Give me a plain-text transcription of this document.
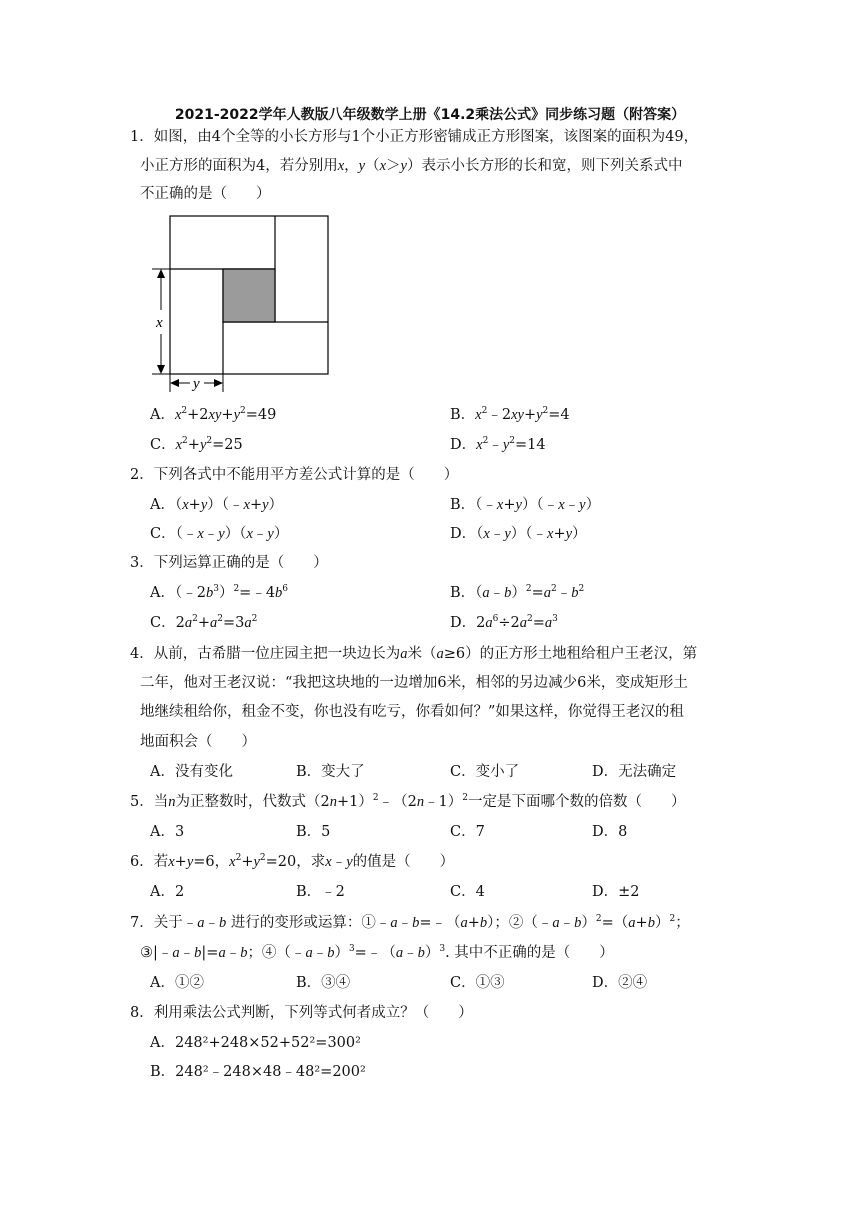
2021-2022学年人教版八年级数学上册《14.2乘法公式》同步练习题（附答案）
1．如图，由4个全等的小长方形与1个小正方形密铺成正方形图案，该图案的面积为49，
小正方形的面积为4，若分别用x，y（x＞y）表示小长方形的长和宽，则下列关系式中
不正确的是（　　）
x
y
A．$x^2+2xy+y^2=49$	B．$x^2﹣2xy+y^2=4$
C．$x^2+y^2=25$	D．$x^2﹣y^2=14$
2．下列各式中不能用平方差公式计算的是（　　）
A．（x+y）（﹣x+y）	B．（﹣x+y）（﹣x﹣y）
C．（﹣x﹣y）（x﹣y）	D．（x﹣y）（﹣x+y）
3．下列运算正确的是（　　）
A．$(﹣2b^3)^2=﹣4b^6$	B．$(a﹣b)^2=a^2﹣b^2$
C．$2a^2+a^2=3a^2$	D．$2a^6\div 2a^2=a^3$
4．从前，古希腊一位庄园主把一块边长为a米（a≥6）的正方形土地租给租户王老汉，第
二年，他对王老汉说：“我把这块地的一边增加6米，相邻的另边减少6米，变成矩形土
地继续租给你，租金不变，你也没有吃亏，你看如何？”如果这样，你觉得王老汉的租
地面积会（　　）
A．没有变化	B．变大了	C．变小了	D．无法确定
5．当n为正整数时，代数式$(2n+1)^2﹣(2n﹣1)^2$一定是下面哪个数的倍数（　　）
A．3	B．5	C．7	D．8
6．若x+y=6，$x^2+y^2=20$，求x﹣y的值是（　　）
A．2	B．﹣2	C．4	D．±2
7．关于﹣a﹣b 进行的变形或运算：①﹣a﹣b=﹣（a+b）；$②(﹣a﹣b)^2=(a+b)^2$；
③|﹣a﹣b|=a﹣b；④（﹣a﹣b）$^3$=﹣（a﹣b）$^3$. 其中不正确的是（　　）
A．①②	B．③④	C．①③	D．②④
8．利用乘法公式判断，下列等式何者成立？（　　）
A．248²+248×52+52²=300²
B．248²﹣248×48﹣48²=200²
